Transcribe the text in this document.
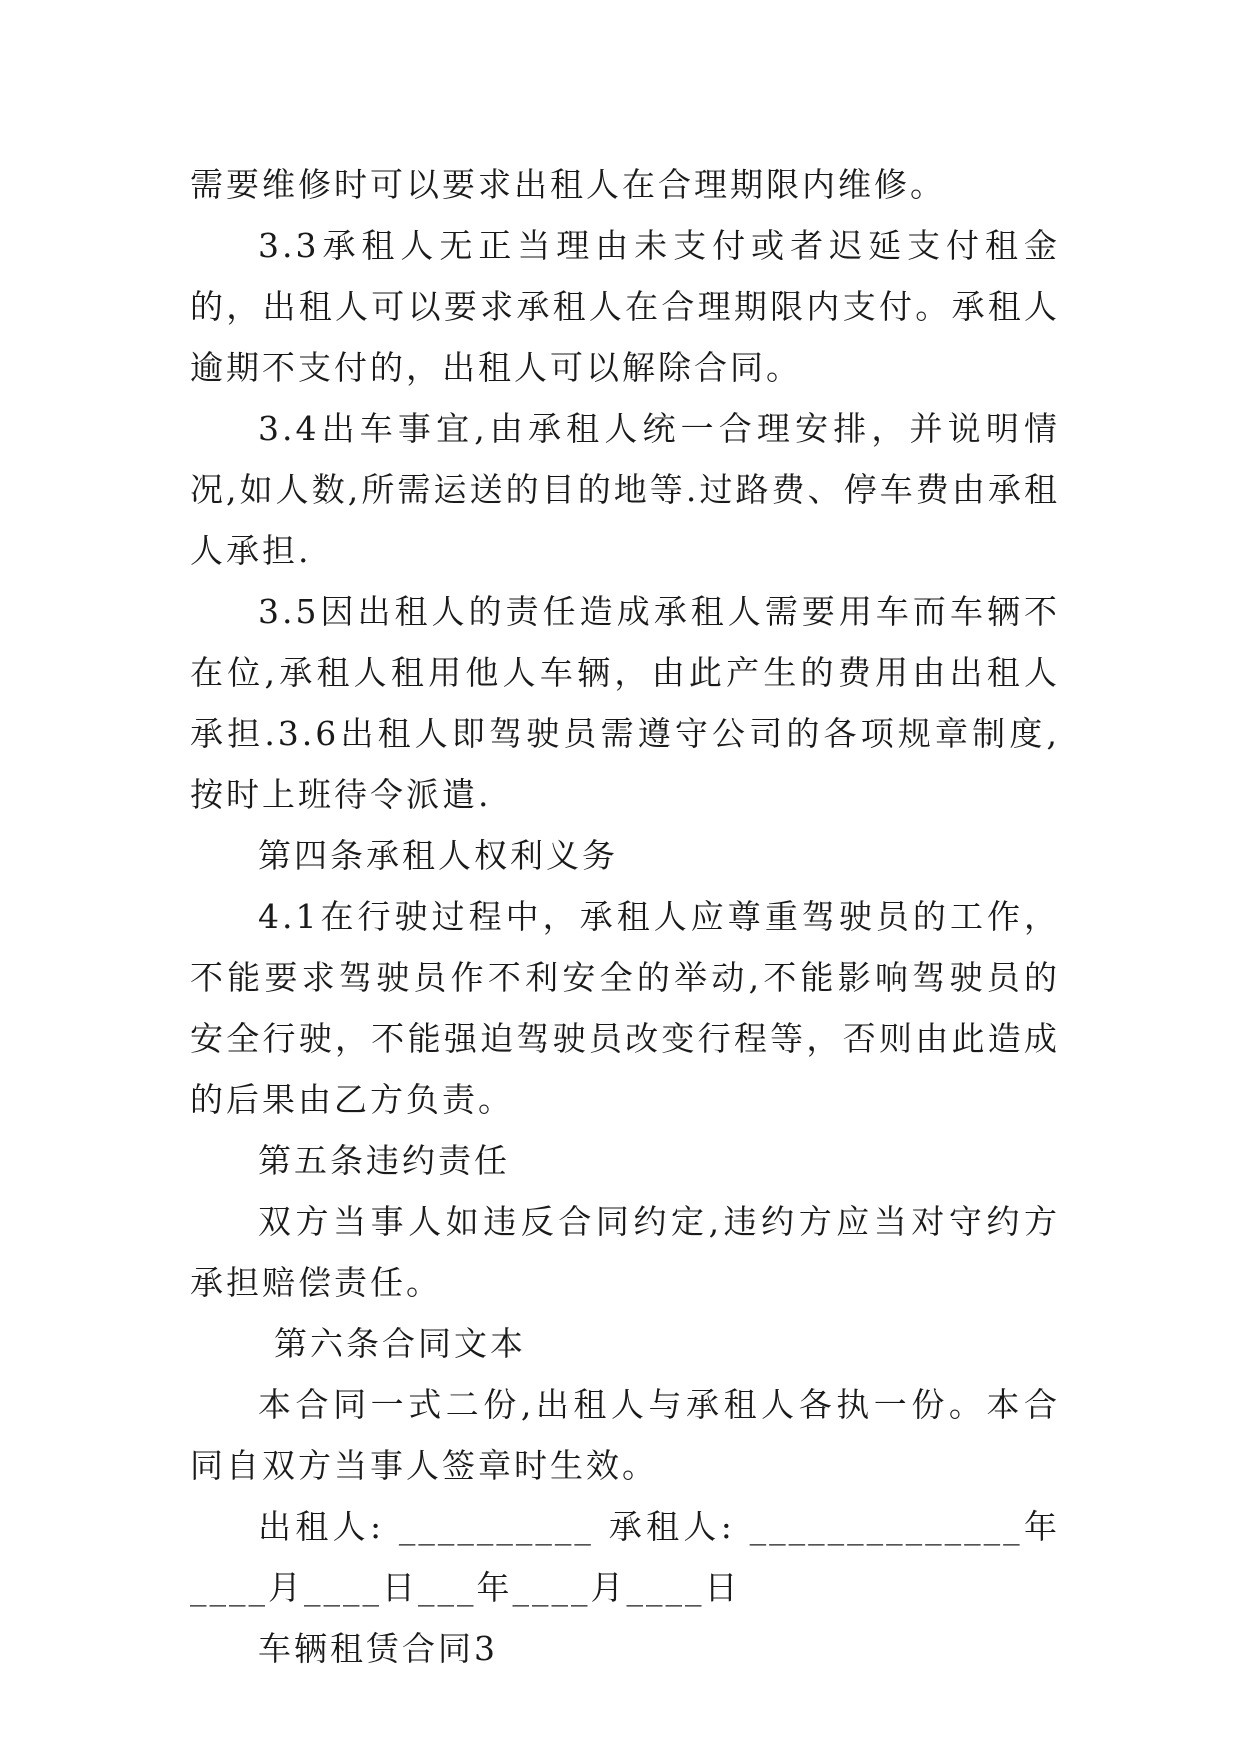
需要维修时可以要求出租人在合理期限内维修。

3.3承租人无正当理由未支付或者迟延支付租金的，出租人可以要求承租人在合理期限内支付。承租人逾期不支付的，出租人可以解除合同。

3.4出车事宜,由承租人统一合理安排，并说明情况,如人数,所需运送的目的地等.过路费、停车费由承租人承担.

3.5因出租人的责任造成承租人需要用车而车辆不在位,承租人租用他人车辆，由此产生的费用由出租人承担.3.6出租人即驾驶员需遵守公司的各项规章制度,按时上班待令派遣.

第四条承租人权利义务

4.1在行驶过程中，承租人应尊重驾驶员的工作，不能要求驾驶员作不利安全的举动,不能影响驾驶员的安全行驶，不能强迫驾驶员改变行程等，否则由此造成的后果由乙方负责。

第五条违约责任

双方当事人如违反合同约定,违约方应当对守约方承担赔偿责任。

第六条合同文本

本合同一式二份,出租人与承租人各执一份。本合同自双方当事人签章时生效。

出租人: __________ 承租人: ______________年____月____日___年____月____日

车辆租赁合同3
